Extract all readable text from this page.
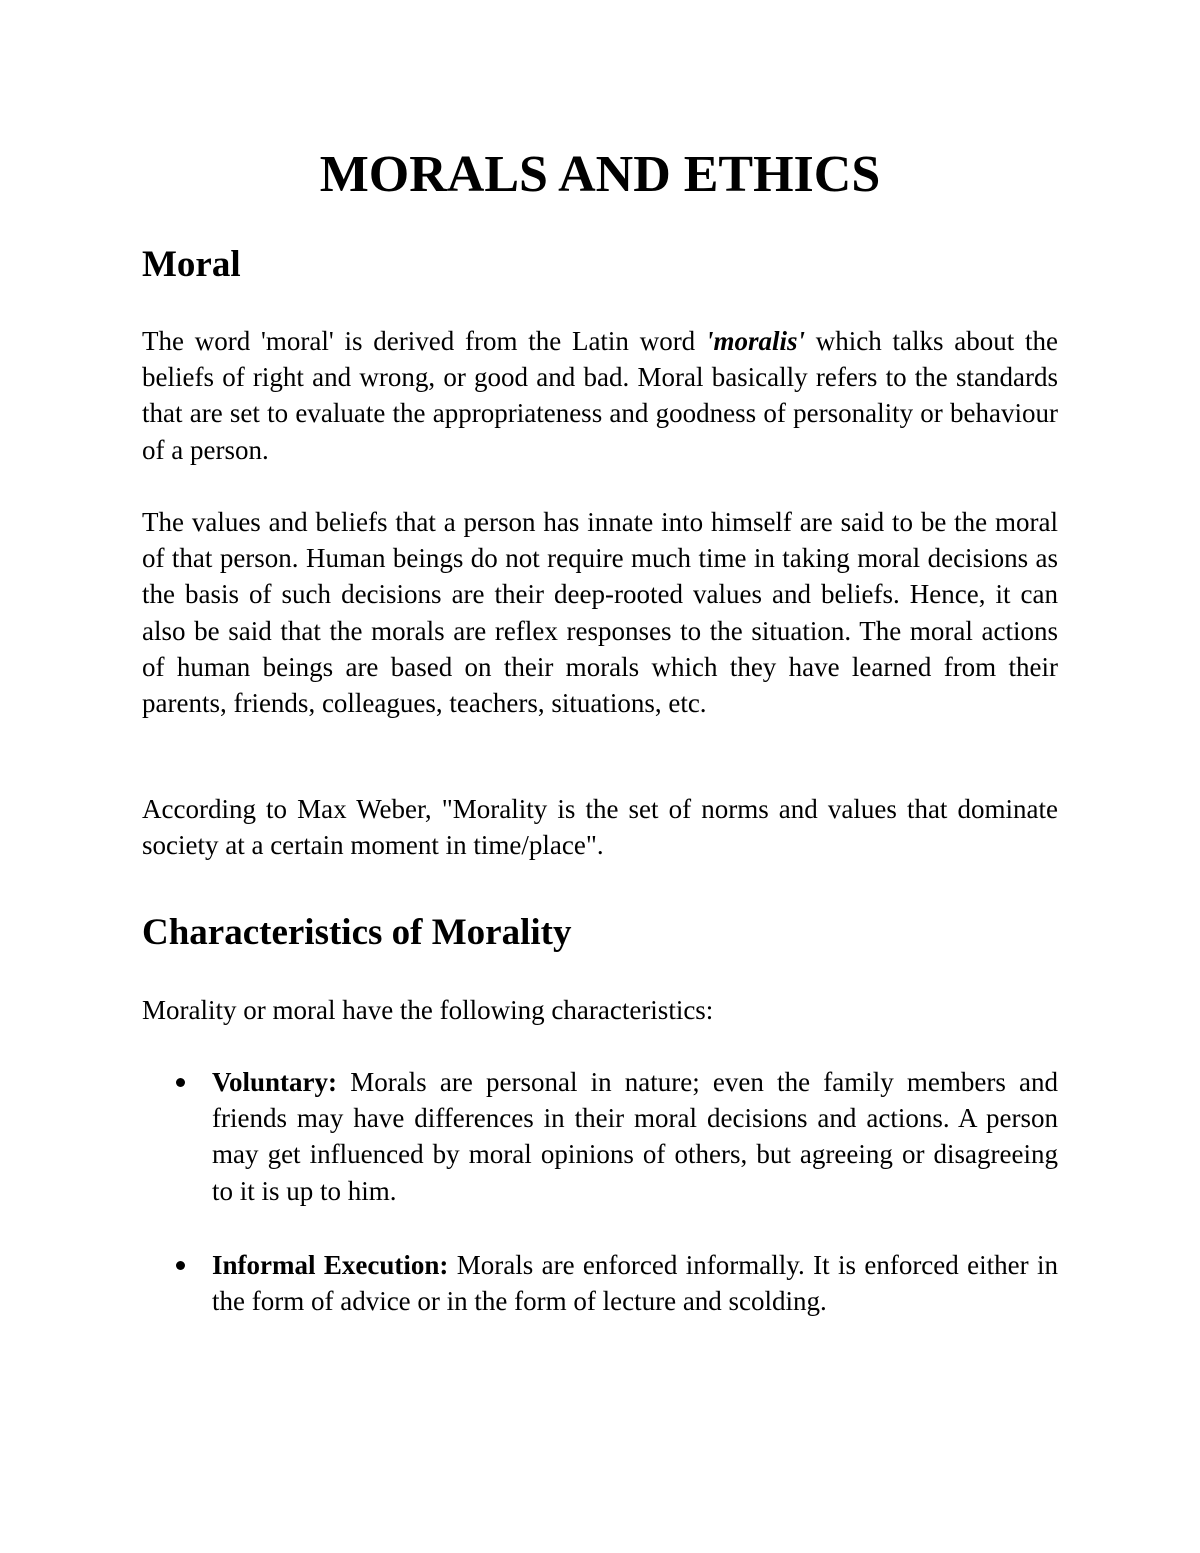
MORALS AND ETHICS
Moral

The word 'moral' is derived from the Latin word 'moralis' which talks about the beliefs of right and wrong, or good and bad. Moral basically refers to the standards that are set to evaluate the appropriateness and goodness of personality or behaviour of a person.

The values and beliefs that a person has innate into himself are said to be the moral of that person. Human beings do not require much time in taking moral decisions as the basis of such decisions are their deep-rooted values and beliefs. Hence, it can also be said that the morals are reflex responses to the situation. The moral actions of human beings are based on their morals which they have learned from their parents, friends, colleagues, teachers, situations, etc.

According to Max Weber, "Morality is the set of norms and values that dominate society at a certain moment in time/place".

Characteristics of Morality

Morality or moral have the following characteristics:

Voluntary: Morals are personal in nature; even the family members and friends may have differences in their moral decisions and actions. A person may get influenced by moral opinions of others, but agreeing or disagreeing to it is up to him.
Informal Execution: Morals are enforced informally. It is enforced either in the form of advice or in the form of lecture and scolding.
